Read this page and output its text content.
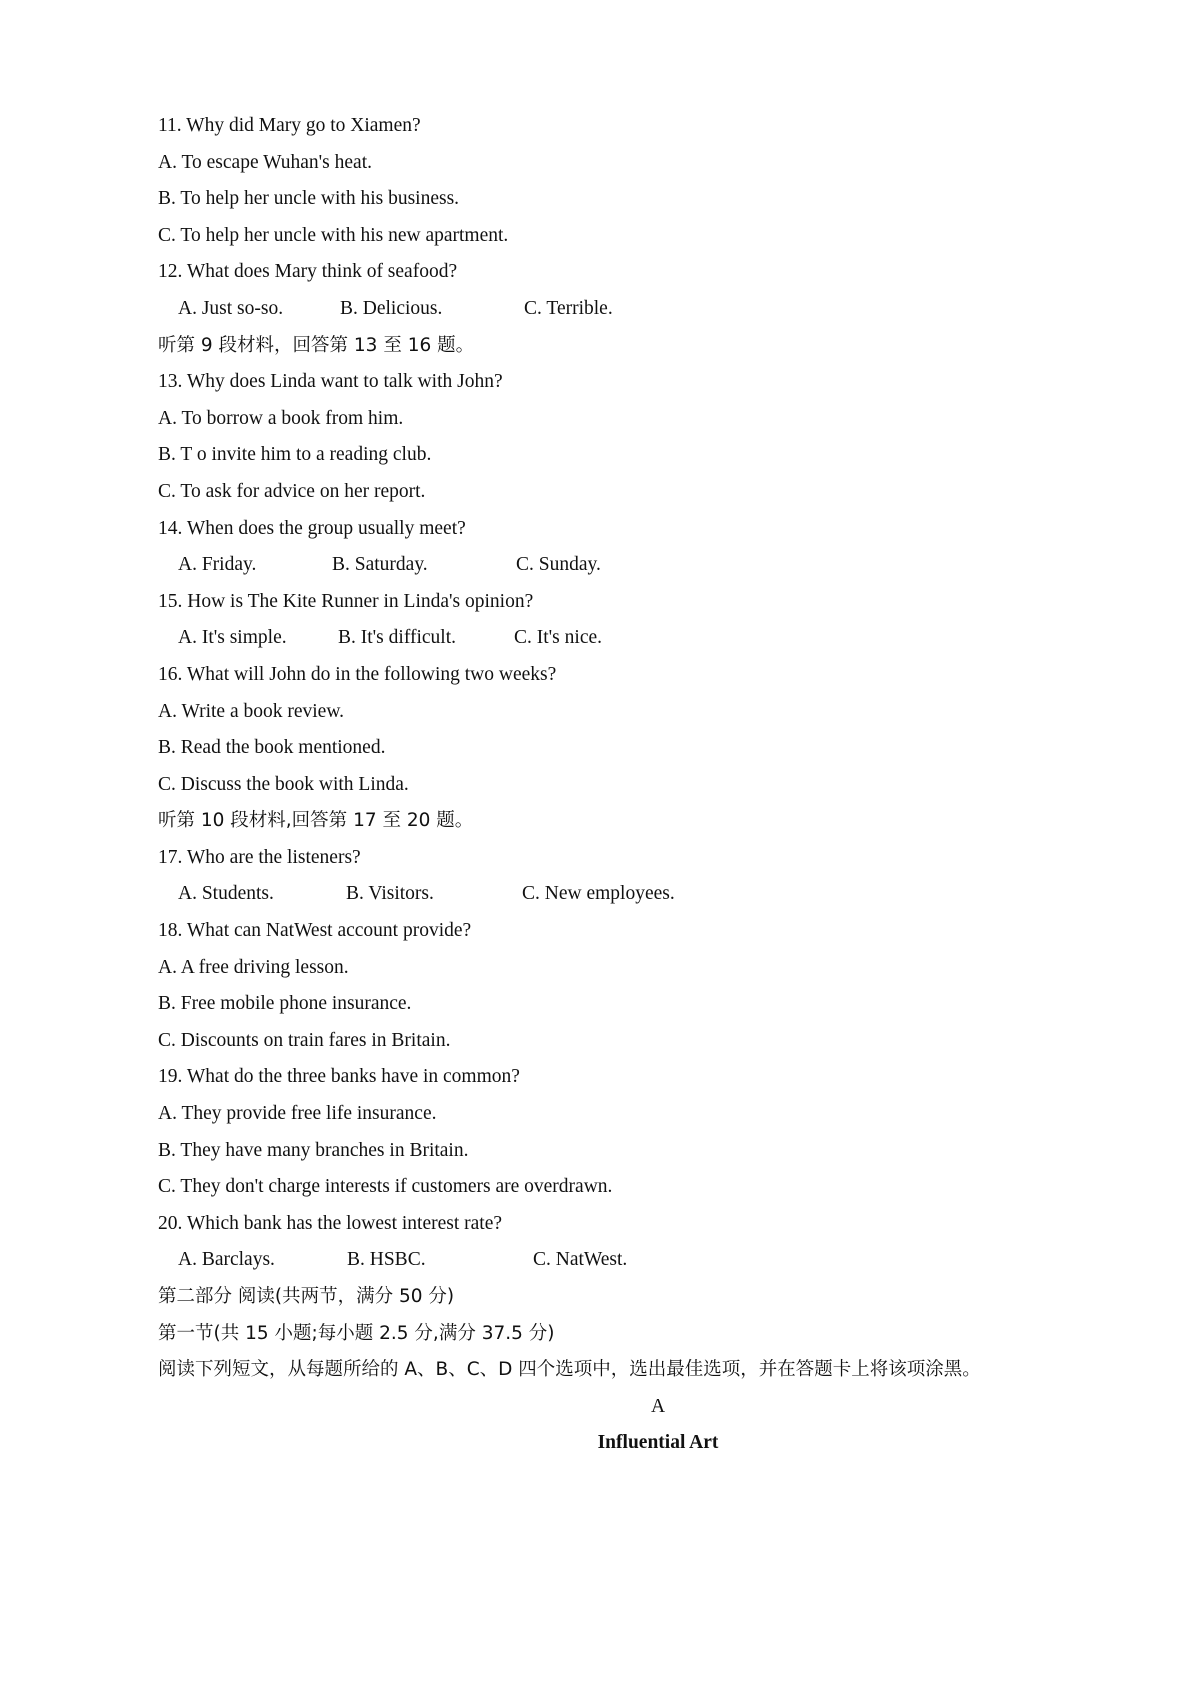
11. Why did Mary go to Xiamen?
A. To escape Wuhan's heat.
B. To help her uncle with his business.
C. To help her uncle with his new apartment.
12. What does Mary think of seafood?
A. Just so-so.	B. Delicious.	C. Terrible.
听第 9 段材料，回答第 13 至 16 题。
13. Why does Linda want to talk with John?
A. To borrow a book from him.
B. T o invite him to a reading club.
C. To ask for advice on her report.
14. When does the group usually meet?
A. Friday.	B. Saturday.	C. Sunday.
15. How is The Kite Runner in Linda's opinion?
A. It's simple.	B. It's difficult.	C. It's nice.
16. What will John do in the following two weeks?
A. Write a book review.
B. Read the book mentioned.
C. Discuss the book with Linda.
听第 10 段材料,回答第 17 至 20 题。
17. Who are the listeners?
A. Students.	B. Visitors.	C. New employees.
18. What can NatWest account provide?
A. A free driving lesson.
B. Free mobile phone insurance.
C. Discounts on train fares in Britain.
19. What do the three banks have in common?
A. They provide free life insurance.
B. They have many branches in Britain.
C. They don't charge interests if customers are overdrawn.
20. Which bank has the lowest interest rate?
A. Barclays.	B. HSBC.	C. NatWest.
第二部分 阅读(共两节，满分 50 分)
第一节(共 15 小题;每小题 2.5 分,满分 37.5 分)
阅读下列短文，从每题所给的 A、B、C、D 四个选项中，选出最佳选项，并在答题卡上将该项涂黑。
A
Influential Art
